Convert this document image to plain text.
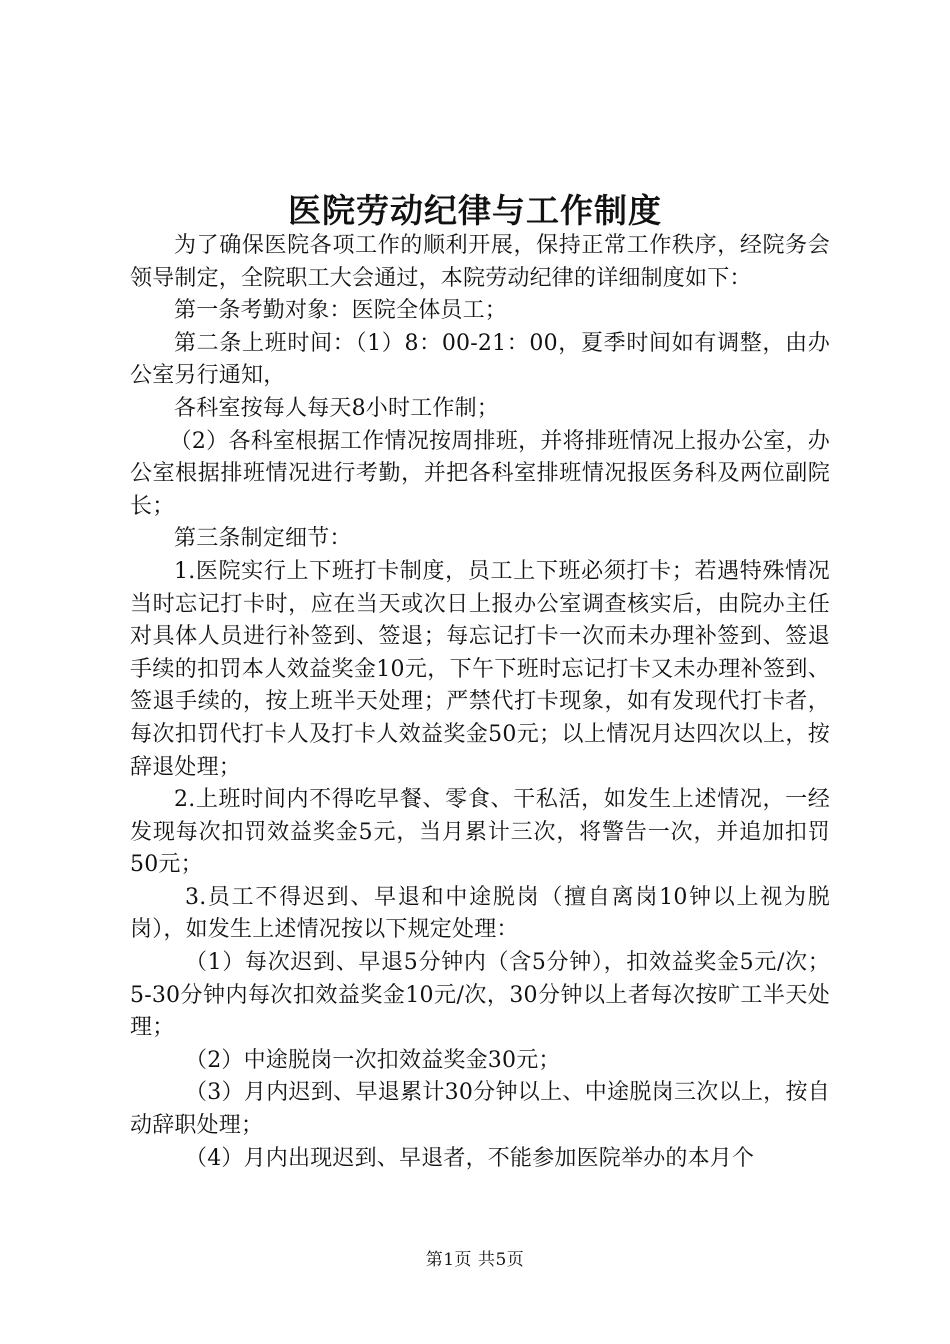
医院劳动纪律与工作制度

为了确保医院各项工作的顺利开展，保持正常工作秩序，经院务会领导制定，全院职工大会通过，本院劳动纪律的详细制度如下：

第一条考勤对象：医院全体员工；

第二条上班时间：（1）8：00-21：00，夏季时间如有调整，由办公室另行通知，

各科室按每人每天8小时工作制；

（2）各科室根据工作情况按周排班，并将排班情况上报办公室，办公室根据排班情况进行考勤，并把各科室排班情况报医务科及两位副院长；

第三条制定细节：

1.医院实行上下班打卡制度，员工上下班必须打卡；若遇特殊情况当时忘记打卡时，应在当天或次日上报办公室调查核实后，由院办主任对具体人员进行补签到、签退；每忘记打卡一次而未办理补签到、签退手续的扣罚本人效益奖金10元，下午下班时忘记打卡又未办理补签到、签退手续的，按上班半天处理；严禁代打卡现象，如有发现代打卡者，每次扣罚代打卡人及打卡人效益奖金50元；以上情况月达四次以上，按辞退处理；

2.上班时间内不得吃早餐、零食、干私活，如发生上述情况，一经发现每次扣罚效益奖金5元，当月累计三次，将警告一次，并追加扣罚50元；

3.员工不得迟到、早退和中途脱岗（擅自离岗10钟以上视为脱岗），如发生上述情况按以下规定处理：

（1）每次迟到、早退5分钟内（含5分钟），扣效益奖金5元/次；5-30分钟内每次扣效益奖金10元/次，30分钟以上者每次按旷工半天处理；

（2）中途脱岗一次扣效益奖金30元；

（3）月内迟到、早退累计30分钟以上、中途脱岗三次以上，按自动辞职处理；

（4）月内出现迟到、早退者，不能参加医院举办的本月个

第1页 共5页
